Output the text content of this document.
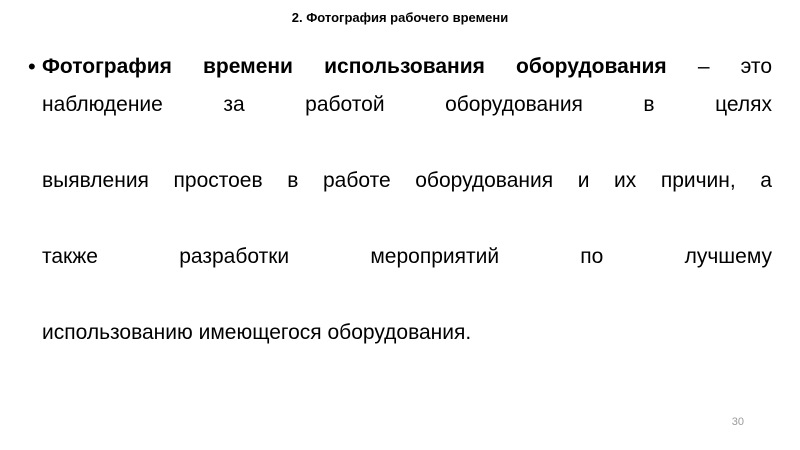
2. Фотография рабочего времени
• Фотография времени использования оборудования – это наблюдение за работой оборудования в целях
выявления простоев в работе оборудования и их причин, а
также разработки мероприятий по лучшему
использованию имеющегося оборудования.
30
